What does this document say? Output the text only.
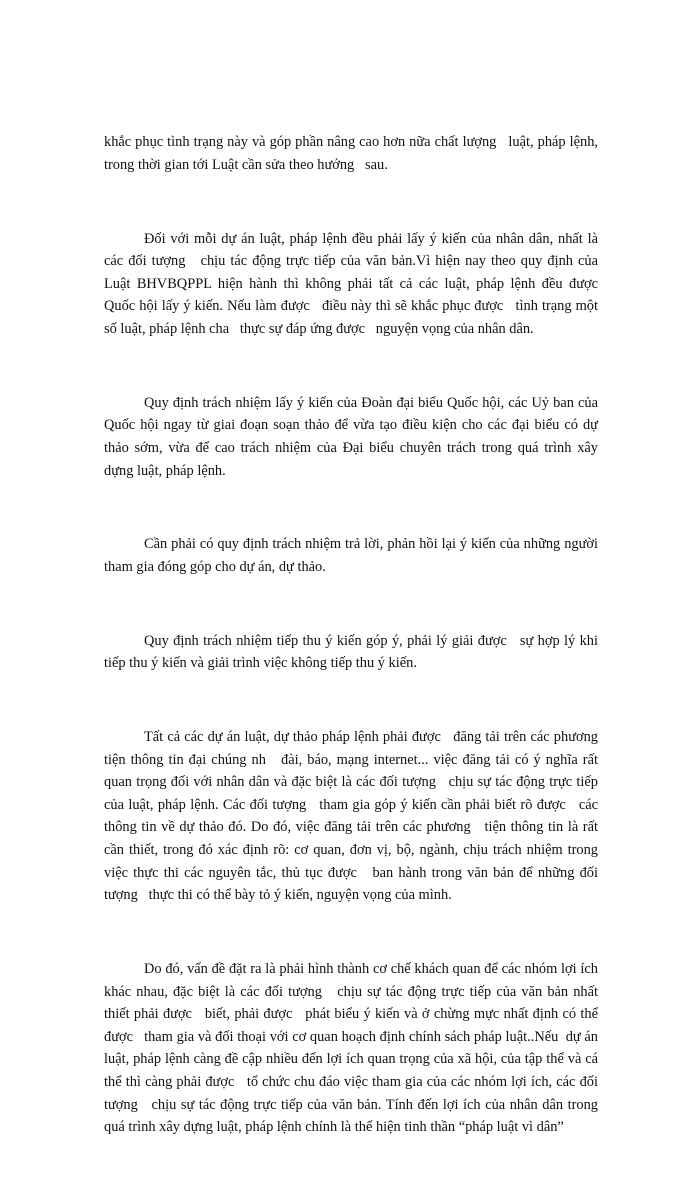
khắc phục tình trạng này và góp phần nâng cao hơn nữa chất lượng   luật, pháp lệnh, trong thời gian tới Luật cần sửa theo hướng   sau.

Đối với mỗi dự án luật, pháp lệnh đều phải lấy ý kiến của nhân dân, nhất là các đối tượng   chịu tác động trực tiếp của văn bản.Vì hiện nay theo quy định của Luật BHVBQPPL hiện hành thì không phải tất cả các luật, pháp lệnh đều được   Quốc hội lấy ý kiến. Nếu làm được   điều này thì sẽ khắc phục được   tình trạng một số luật, pháp lệnh cha   thực sự đáp ứng được   nguyện vọng của nhân dân.

Quy định trách nhiệm lấy ý kiến của Đoàn đại biểu Quốc hội, các Uỷ ban của Quốc hội ngay từ giai đoạn soạn thảo để vừa tạo điều kiện cho các đại biểu có dự thảo sớm, vừa để cao trách nhiệm của Đại biểu chuyên trách trong quá trình xây dựng luật, pháp lệnh.

Cần phải có quy định trách nhiệm trả lời, phản hồi lại ý kiến của những người   tham gia đóng góp cho dự án, dự thảo.

Quy định trách nhiệm tiếp thu ý kiến góp ý, phải lý giải được   sự hợp lý khi tiếp thu ý kiến và giải trình việc không tiếp thu ý kiến.

Tất cả các dự án luật, dự thảo pháp lệnh phải được   đăng tải trên các phương   tiện thông tin đại chúng nh   đài, báo, mạng internet... việc đăng tải có ý nghĩa rất quan trọng đối với nhân dân và đặc biệt là các đối tượng   chịu sự tác động trực tiếp của luật, pháp lệnh. Các đối tượng   tham gia góp ý kiến cần phải biết rõ được   các thông tin về dự thảo đó. Do đó, việc đăng tải trên các phương   tiện thông tin là rất cần thiết, trong đó xác định rõ: cơ quan, đơn vị, bộ, ngành, chịu trách nhiệm trong việc thực thi các nguyên tắc, thủ tục được   ban hành trong văn bản để những đối tượng   thực thi có thể bày tỏ ý kiến, nguyện vọng của mình.

Do đó, vấn đề đặt ra là phải hình thành cơ chế khách quan để các nhóm lợi ích khác nhau, đặc biệt là các đối tượng   chịu sự tác động trực tiếp của văn bản nhất thiết phải được   biết, phải được   phát biểu ý kiến và ở chừng mực nhất định có thể được   tham gia và đối thoại với cơ quan hoạch định chính sách pháp luật..Nếu  dự án luật, pháp lệnh càng đề cập nhiều đến lợi ích quan trọng của xã hội, của tập thể và cá thể thì càng phải được   tổ chức chu đáo việc tham gia của các nhóm lợi ích, các đối tượng   chịu sự tác động trực tiếp của văn bản. Tính đến lợi ích của nhân dân trong quá trình xây dựng luật, pháp lệnh chính là thể hiện tinh thần “pháp luật vì dân”
